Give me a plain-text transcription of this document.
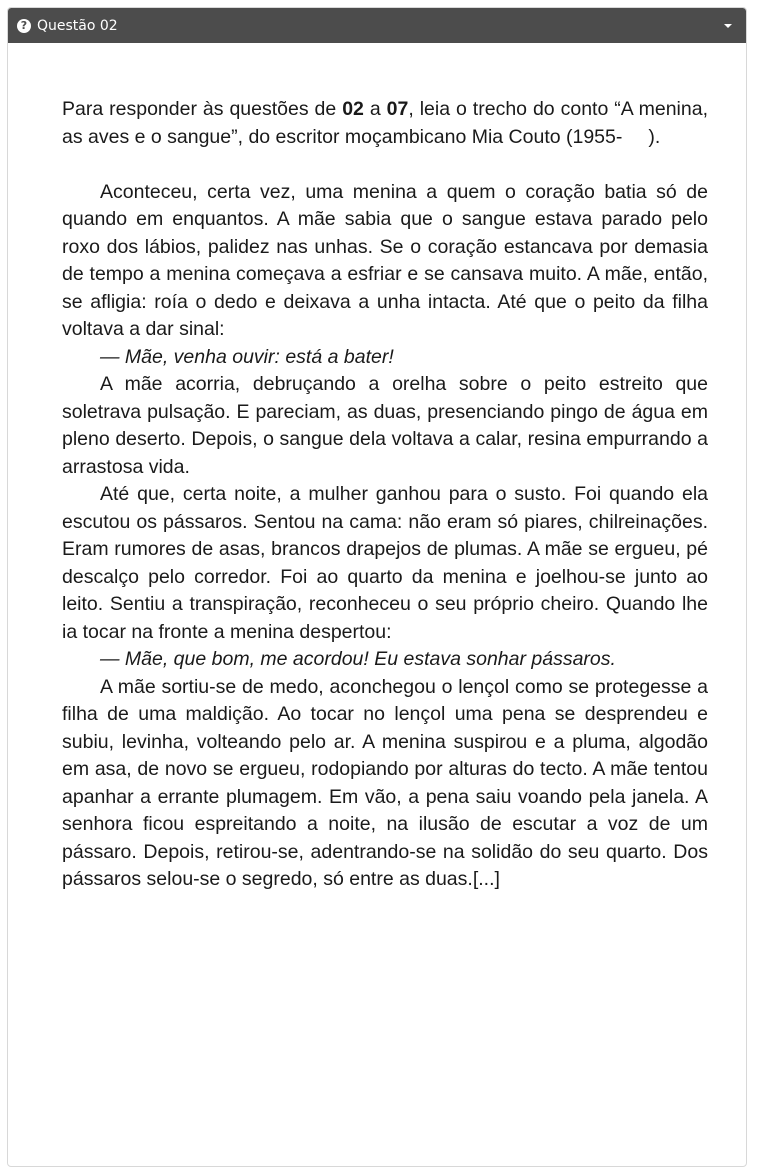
? Questão 02

Para responder às questões de 02 a 07, leia o trecho do conto “A menina, as aves e o sangue”, do escritor moçambicano Mia Couto (1955- ).

Aconteceu, certa vez, uma menina a quem o coração batia só de quando em enquantos. A mãe sabia que o sangue estava parado pelo roxo dos lábios, palidez nas unhas. Se o coração estancava por demasia de tempo a menina começava a esfriar e se cansava muito. A mãe, então, se afligia: roía o dedo e deixava a unha intacta. Até que o peito da filha voltava a dar sinal:

— Mãe, venha ouvir: está a bater!

A mãe acorria, debruçando a orelha sobre o peito estreito que soletrava pulsação. E pareciam, as duas, presenciando pingo de água em pleno deserto. Depois, o sangue dela voltava a calar, resina empurrando a arrastosa vida.

Até que, certa noite, a mulher ganhou para o susto. Foi quando ela escutou os pássaros. Sentou na cama: não eram só piares, chilreinações. Eram rumores de asas, brancos drapejos de plumas. A mãe se ergueu, pé descalço pelo corredor. Foi ao quarto da menina e joelhou-se junto ao leito. Sentiu a transpiração, reconheceu o seu próprio cheiro. Quando lhe ia tocar na fronte a menina despertou:

— Mãe, que bom, me acordou! Eu estava sonhar pássaros.

A mãe sortiu-se de medo, aconchegou o lençol como se protegesse a filha de uma maldição. Ao tocar no lençol uma pena se desprendeu e subiu, levinha, volteando pelo ar. A menina suspirou e a pluma, algodão em asa, de novo se ergueu, rodopiando por alturas do tecto. A mãe tentou apanhar a errante plumagem. Em vão, a pena saiu voando pela janela. A senhora ficou espreitando a noite, na ilusão de escutar a voz de um pássaro. Depois, retirou-se, adentrando-se na solidão do seu quarto. Dos pássaros selou-se o segredo, só entre as duas.[...]
